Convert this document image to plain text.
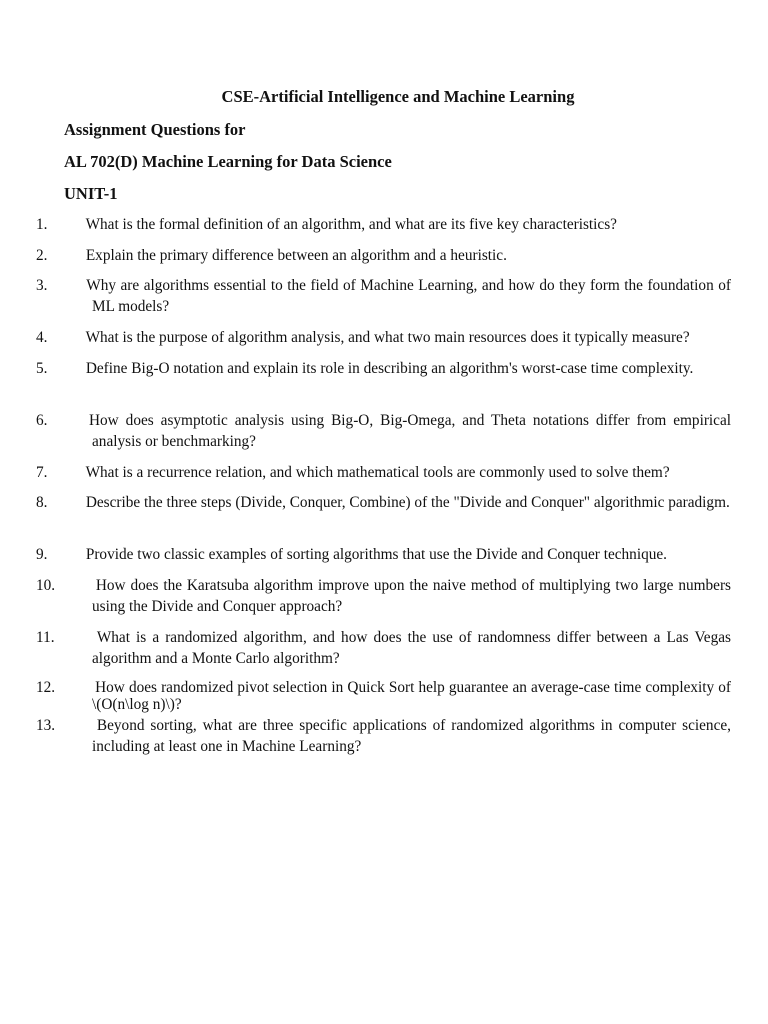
CSE-Artificial Intelligence and Machine Learning
Assignment Questions for
AL 702(D) Machine Learning for Data Science
UNIT-1
1. What is the formal definition of an algorithm, and what are its five key characteristics?
2.	Explain the primary difference between an algorithm and a heuristic.
3.	Why are algorithms essential to the field of Machine Learning, and how do they form the foundation of ML models?
4. What is the purpose of algorithm analysis, and what two main resources does it typically measure?
5.	Define Big-O notation and explain its role in describing an algorithm's worst-case time complexity.
6.	How does asymptotic analysis using Big-O, Big-Omega, and Theta notations differ from empirical analysis or benchmarking?
7. What is a recurrence relation, and which mathematical tools are commonly used to solve them?
8.	Describe the three steps (Divide, Conquer, Combine) of the "Divide and Conquer" algorithmic paradigm.
9.	Provide two classic examples of sorting algorithms that use the Divide and Conquer technique.
10.	How does the Karatsuba algorithm improve upon the naive method of multiplying two large numbers using the Divide and Conquer approach?
11.	What is a randomized algorithm, and how does the use of randomness differ between a Las Vegas algorithm and a Monte Carlo algorithm?
12.	How does randomized pivot selection in Quick Sort help guarantee an average-case time complexity of \(O(n\log n)\)?
13.	Beyond sorting, what are three specific applications of randomized algorithms in computer science, including at least one in Machine Learning?
